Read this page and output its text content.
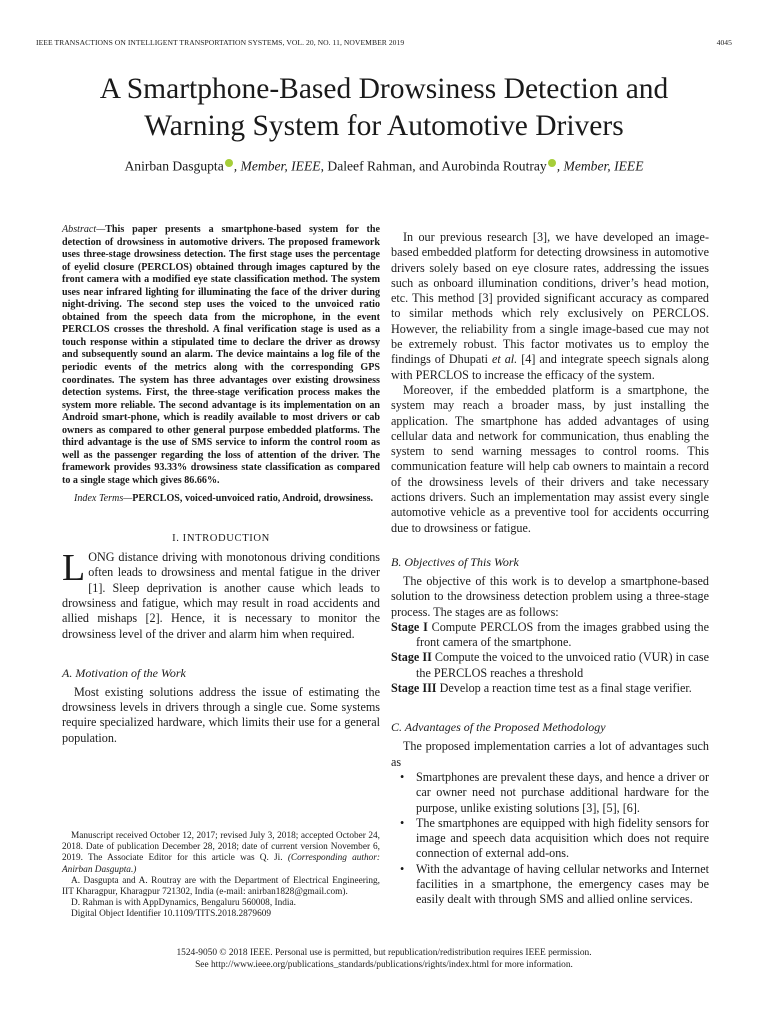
IEEE TRANSACTIONS ON INTELLIGENT TRANSPORTATION SYSTEMS, VOL. 20, NO. 11, NOVEMBER 2019	4045
A Smartphone-Based Drowsiness Detection and
Warning System for Automotive Drivers
Anirban Dasgupta , Member, IEEE, Daleef Rahman, and Aurobinda Routray , Member, IEEE
Abstract—This paper presents a smartphone-based system for the detection of drowsiness in automotive drivers. The proposed framework uses three-stage drowsiness detection. The first stage uses the percentage of eyelid closure (PERCLOS) obtained through images captured by the front camera with a modified eye state classification method. The system uses near infrared lighting for illuminating the face of the driver during night-driving. The second step uses the voiced to the unvoiced ratio obtained from the speech data from the microphone, in the event PERCLOS crosses the threshold. A final verification stage is used as a touch response within a stipulated time to declare the driver as drowsy and subsequently sound an alarm. The device maintains a log file of the periodic events of the metrics along with the corresponding GPS coordinates. The system has three advantages over existing drowsiness detection systems. First, the three-stage verification process makes the system more reliable. The second advantage is its implementation on an Android smart-phone, which is readily available to most drivers or cab owners as compared to other general purpose embedded platforms. The third advantage is the use of SMS service to inform the control room as well as the passenger regarding the loss of attention of the driver. The framework provides 93.33% drowsiness state classification as compared to a single stage which gives 86.66%.
Index Terms—PERCLOS, voiced-unvoiced ratio, Android, drowsiness.
I. INTRODUCTION

LONG distance driving with monotonous driving conditions often leads to drowsiness and mental fatigue in the driver [1]. Sleep deprivation is another cause which leads to drowsiness and fatigue, which may result in road accidents and allied mishaps [2]. Hence, it is necessary to monitor the drowsiness level of the driver and alarm him when required.

A. Motivation of the Work

Most existing solutions address the issue of estimating the drowsiness levels in drivers through a single cue. Some systems require specialized hardware, which limits their use for a general population.

Manuscript received October 12, 2017; revised July 3, 2018; accepted October 24, 2018. Date of publication December 28, 2018; date of current version November 6, 2019. The Associate Editor for this article was Q. Ji. (Corresponding author: Anirban Dasgupta.)

A. Dasgupta and A. Routray are with the Department of Electrical Engineering, IIT Kharagpur, Kharagpur 721302, India (e-mail: anirban1828@gmail.com).

D. Rahman is with AppDynamics, Bengaluru 560008, India.

Digital Object Identifier 10.1109/TITS.2018.2879609

In our previous research [3], we have developed an image-based embedded platform for detecting drowsiness in automotive drivers solely based on eye closure rates, addressing the issues such as onboard illumination conditions, driver’s head motion, etc. This method [3] provided significant accuracy as compared to similar methods which rely exclusively on PERCLOS. However, the reliability from a single image-based cue may not be extremely robust. This factor motivates us to employ the findings of Dhupati et al. [4] and integrate speech signals along with PERCLOS to increase the efficacy of the system.

Moreover, if the embedded platform is a smartphone, the system may reach a broader mass, by just installing the application. The smartphone has added advantages of using cellular data and network for communication, thus enabling the system to send warning messages to control rooms. This communication feature will help cab owners to maintain a record of the drowsiness levels of their drivers and take necessary actions drivers. Such an implementation may assist every single automotive vehicle as a preventive tool for accidents occurring due to drowsiness or fatigue.

B. Objectives of This Work

The objective of this work is to develop a smartphone-based solution to the drowsiness detection problem using a three-stage process. The stages are as follows:

Stage I Compute PERCLOS from the images grabbed using the front camera of the smartphone.
Stage II Compute the voiced to the unvoiced ratio (VUR) in case the PERCLOS reaches a threshold
Stage III Develop a reaction time test as a final stage verifier.
C. Advantages of the Proposed Methodology

The proposed implementation carries a lot of advantages such as

• Smartphones are prevalent these days, and hence a driver or car owner need not purchase additional hardware for the purpose, unlike existing solutions [3], [5], [6].
• The smartphones are equipped with high fidelity sensors for image and speech data acquisition which does not require connection of external add-ons.
• With the advantage of having cellular networks and Internet facilities in a smartphone, the emergency cases may be easily dealt with through SMS and allied online services.
1524-9050 © 2018 IEEE. Personal use is permitted, but republication/redistribution requires IEEE permission.
See http://www.ieee.org/publications_standards/publications/rights/index.html for more information.
